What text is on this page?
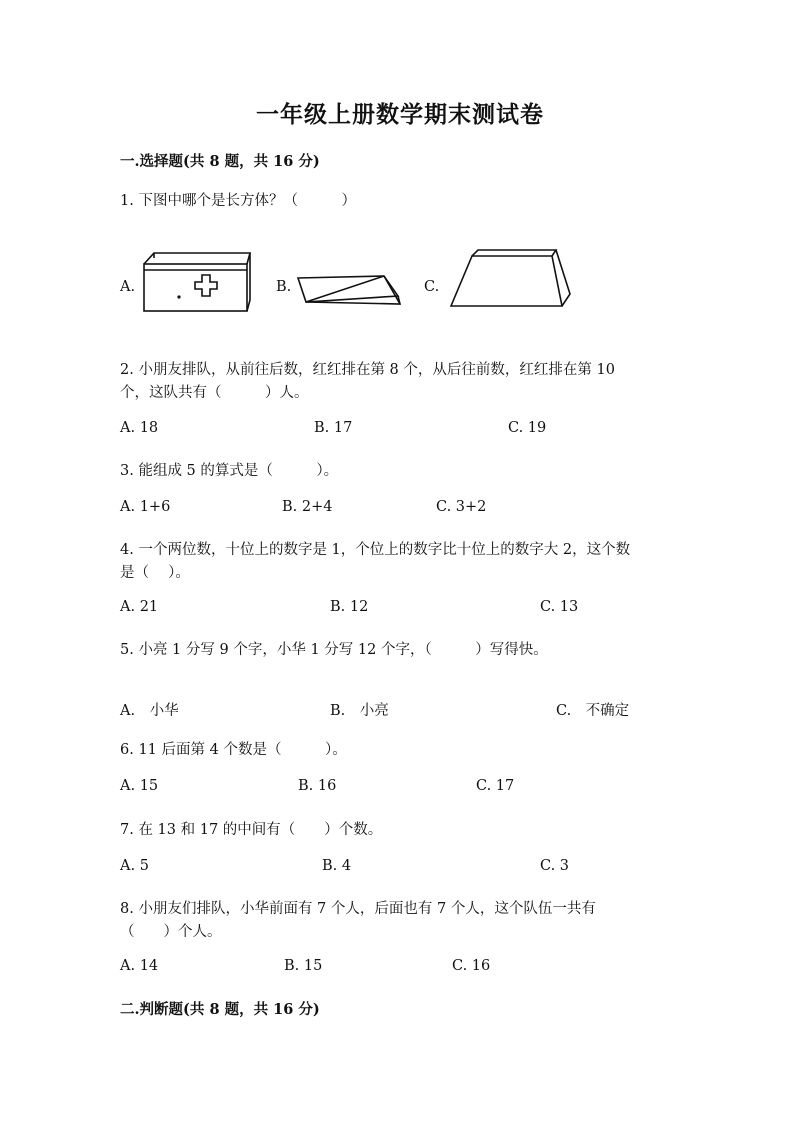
一年级上册数学期末测试卷
一.选择题(共 8 题，共 16 分)
1. 下图中哪个是长方体？（　　　）
A.	B.	C.
2. 小朋友排队，从前往后数，红红排在第 8 个，从后往前数，红红排在第 10
个，这队共有（　　　）人。
A. 18	B. 17	C. 19
3. 能组成 5 的算式是（　　　）。
A. 1+6	B. 2+4	C. 3+2
4. 一个两位数，十位上的数字是 1，个位上的数字比十位上的数字大 2，这个数
是（　 ）。
A. 21	B. 12	C. 13
5. 小亮 1 分写 9 个字，小华 1 分写 12 个字，（　　　）写得快。
A.　小华	B.　小亮	C.　不确定
6. 11 后面第 4 个数是（　　　）。
A. 15	B. 16	C. 17
7. 在 13 和 17 的中间有（　　）个数。
A. 5	B. 4	C. 3
8. 小朋友们排队，小华前面有 7 个人，后面也有 7 个人，这个队伍一共有
（　　）个人。
A. 14	B. 15	C. 16
二.判断题(共 8 题，共 16 分)
